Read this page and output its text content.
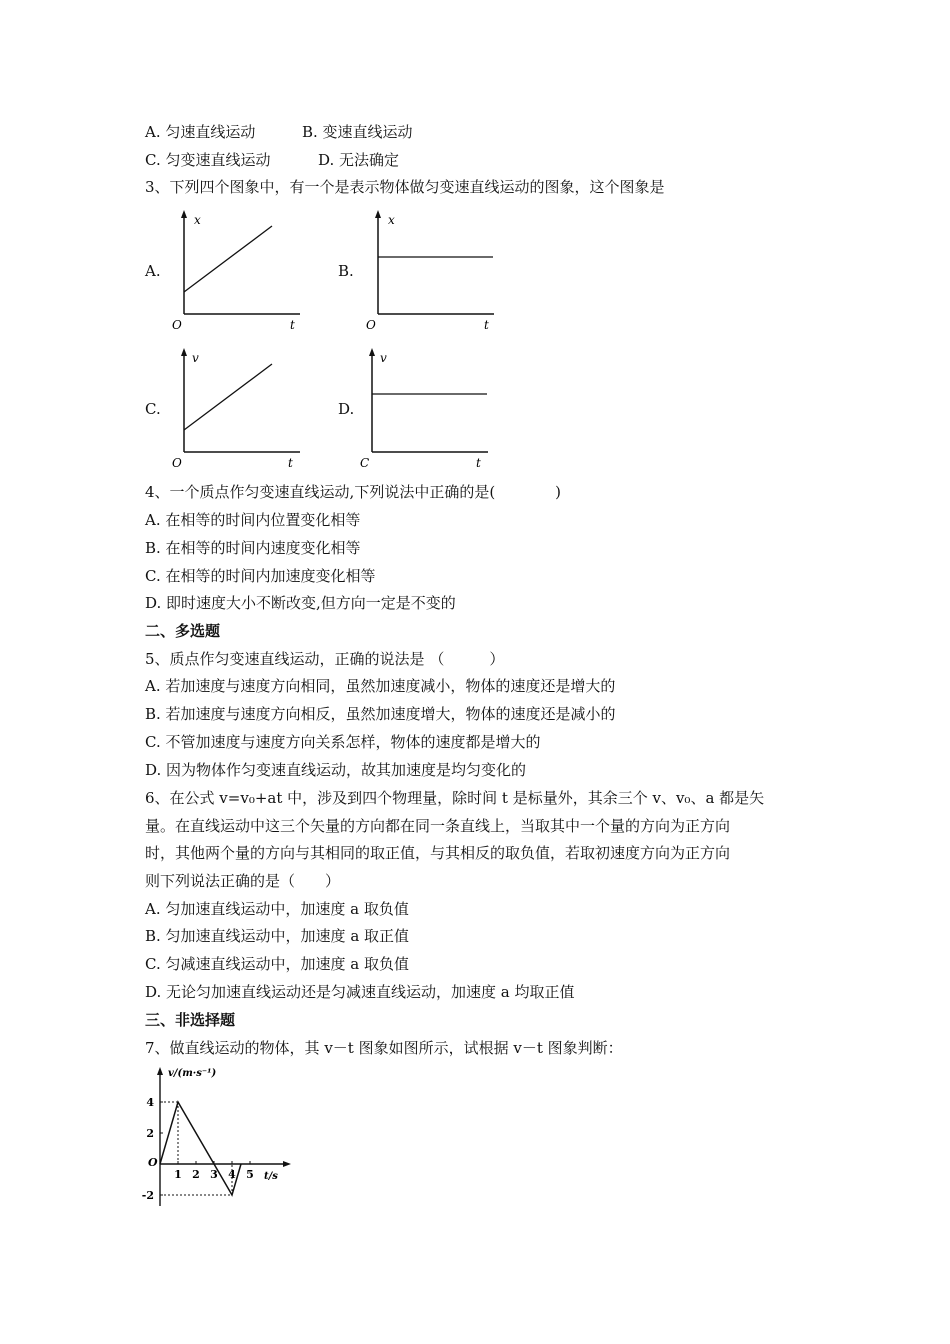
A. 匀速直线运动	B. 变速直线运动
C. 匀变速直线运动	D. 无法确定
3、下列四个图象中，有一个是表示物体做匀变速直线运动的图象，这个图象是
A.	B.
C.	D.
x
O	t
x
O	t
v
O	t
v
C	t
4、一个质点作匀变速直线运动,下列说法中正确的是(　　　　)
A. 在相等的时间内位置变化相等
B. 在相等的时间内速度变化相等
C. 在相等的时间内加速度变化相等
D. 即时速度大小不断改变,但方向一定是不变的
二、多选题
5、质点作匀变速直线运动，正确的说法是 （　　　）
A. 若加速度与速度方向相同，虽然加速度减小，物体的速度还是增大的
B. 若加速度与速度方向相反，虽然加速度增大，物体的速度还是减小的
C. 不管加速度与速度方向关系怎样，物体的速度都是增大的
D. 因为物体作匀变速直线运动，故其加速度是均匀变化的
6、在公式 v=v₀+at 中，涉及到四个物理量，除时间 t 是标量外，其余三个 v、v₀、a 都是矢
量。在直线运动中这三个矢量的方向都在同一条直线上，当取其中一个量的方向为正方向
时，其他两个量的方向与其相同的取正值，与其相反的取负值，若取初速度方向为正方向
则下列说法正确的是（　　）
A. 匀加速直线运动中，加速度 a 取负值
B. 匀加速直线运动中，加速度 a 取正值
C. 匀减速直线运动中，加速度 a 取负值
D. 无论匀加速直线运动还是匀减速直线运动，加速度 a 均取正值
三、非选择题
7、做直线运动的物体，其 v－t 图象如图所示，试根据 v－t 图象判断：
4
2
-2
1 2 3 4 5
v/(m·s⁻¹)
t/s
O
